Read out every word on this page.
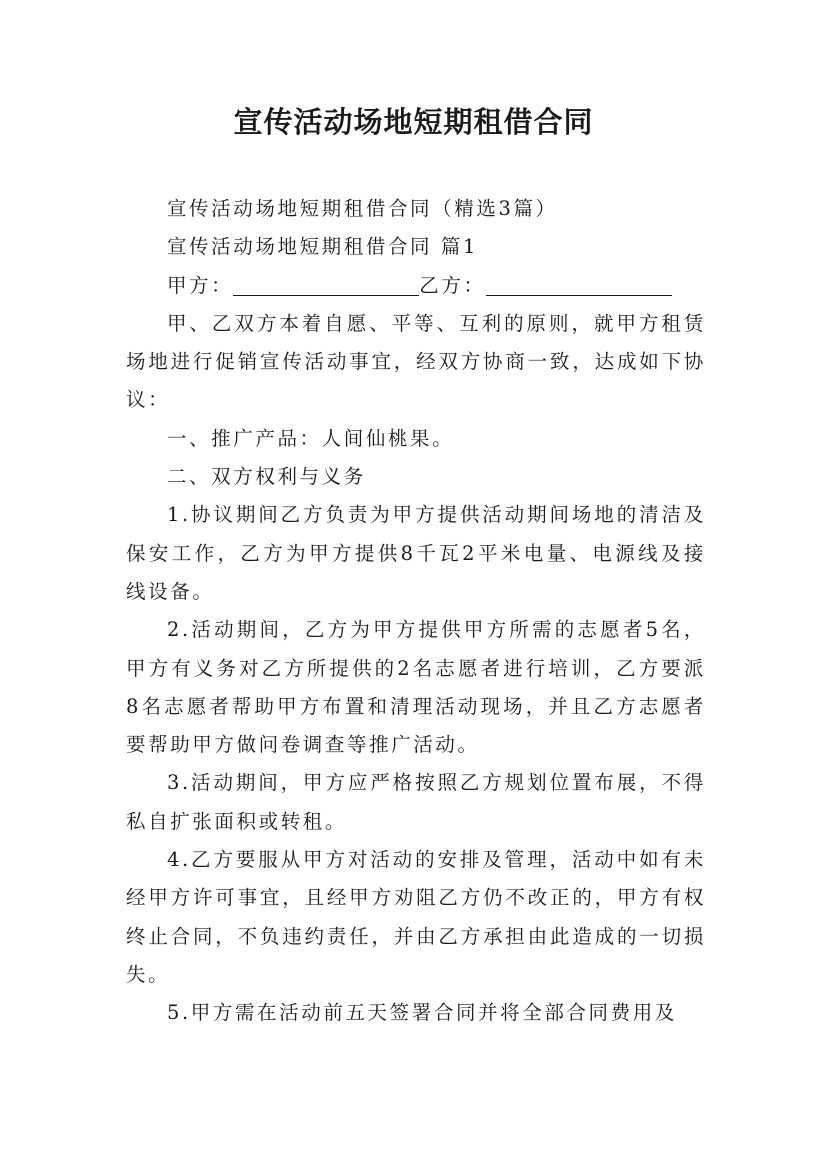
宣传活动场地短期租借合同

宣传活动场地短期租借合同（精选3篇）

宣传活动场地短期租借合同 篇1

甲方：	乙方：

甲、乙双方本着自愿、平等、互利的原则，就甲方租赁场地进行促销宣传活动事宜，经双方协商一致，达成如下协议：

一、推广产品：人间仙桃果。

二、双方权利与义务

1.协议期间乙方负责为甲方提供活动期间场地的清洁及保安工作，乙方为甲方提供8千瓦2平米电量、电源线及接线设备。

2.活动期间，乙方为甲方提供甲方所需的志愿者5名，甲方有义务对乙方所提供的2名志愿者进行培训，乙方要派8名志愿者帮助甲方布置和清理活动现场，并且乙方志愿者要帮助甲方做问卷调查等推广活动。

3.活动期间，甲方应严格按照乙方规划位置布展，不得私自扩张面积或转租。

4.乙方要服从甲方对活动的安排及管理，活动中如有未经甲方许可事宜，且经甲方劝阻乙方仍不改正的，甲方有权终止合同，不负违约责任，并由乙方承担由此造成的一切损失。

5.甲方需在活动前五天签署合同并将全部合同费用及
